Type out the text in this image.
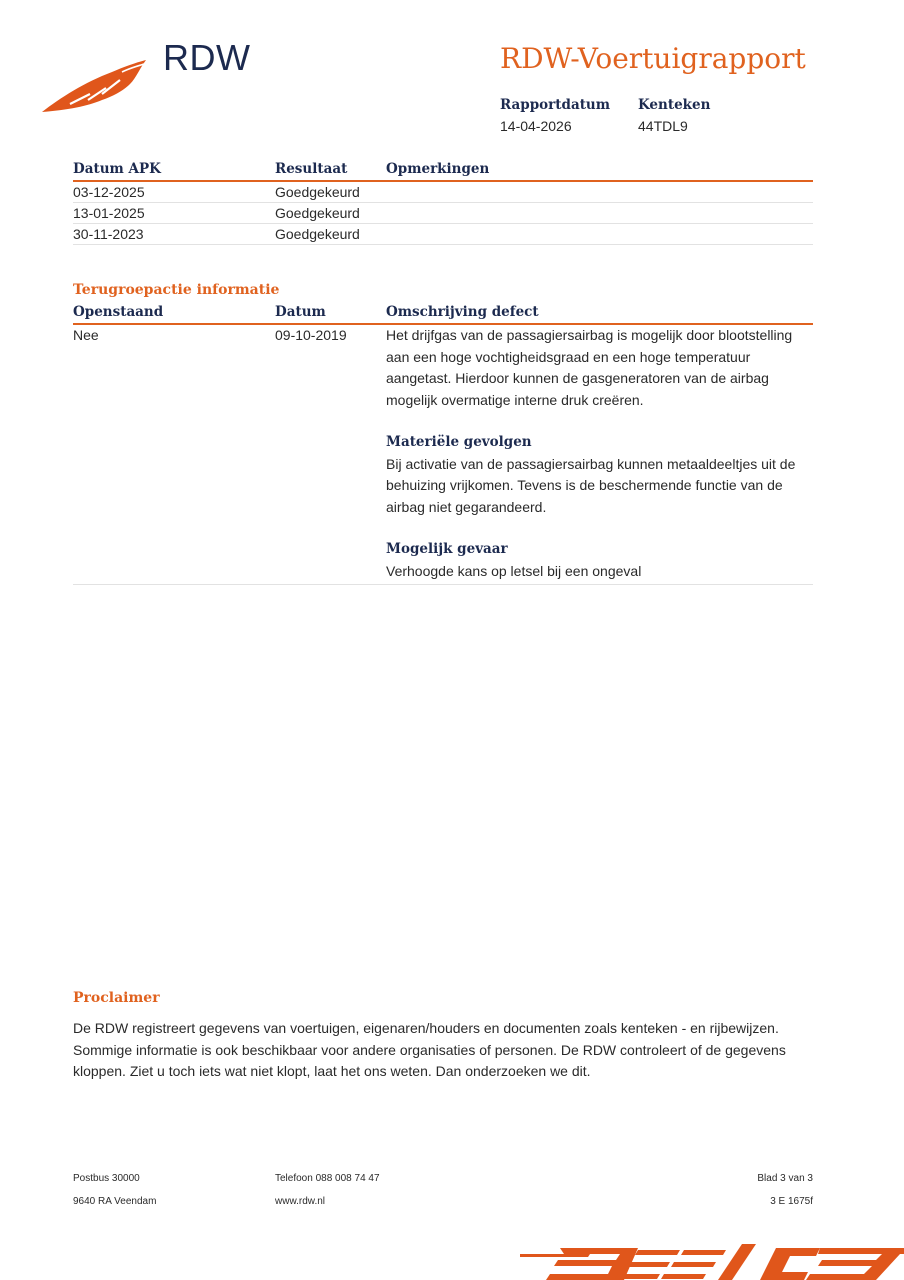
RDW	RDW-Voertuigrapport
Rapportdatum
14-04-2026
Kenteken
44TDL9
Datum APK	Resultaat	Opmerkingen
03-12-2025	Goedgekeurd
13-01-2025	Goedgekeurd
30-11-2023	Goedgekeurd
Terugroepactie informatie
Openstaand	Datum	Omschrijving defect
Nee	09-10-2019	Het drijfgas van de passagiersairbag is mogelijk door blootstelling aan een hoge vochtigheidsgraad en een hoge temperatuur aangetast. Hierdoor kunnen de gasgeneratoren van de airbag mogelijk overmatige interne druk creëren.
Materiële gevolgen
Bij activatie van de passagiersairbag kunnen metaaldeeltjes uit de behuizing vrijkomen. Tevens is de beschermende functie van de airbag niet gegarandeerd.
Mogelijk gevaar
Verhoogde kans op letsel bij een ongeval
Proclaimer
De RDW registreert gegevens van voertuigen, eigenaren/houders en documenten zoals kenteken - en rijbewijzen. Sommige informatie is ook beschikbaar voor andere organisaties of personen. De RDW controleert of de gegevens kloppen. Ziet u toch iets wat niet klopt, laat het ons weten. Dan onderzoeken we dit.
Postbus 30000
9640 RA Veendam
Telefoon 088 008 74 47
www.rdw.nl
Blad 3 van 3
3 E 1675f
